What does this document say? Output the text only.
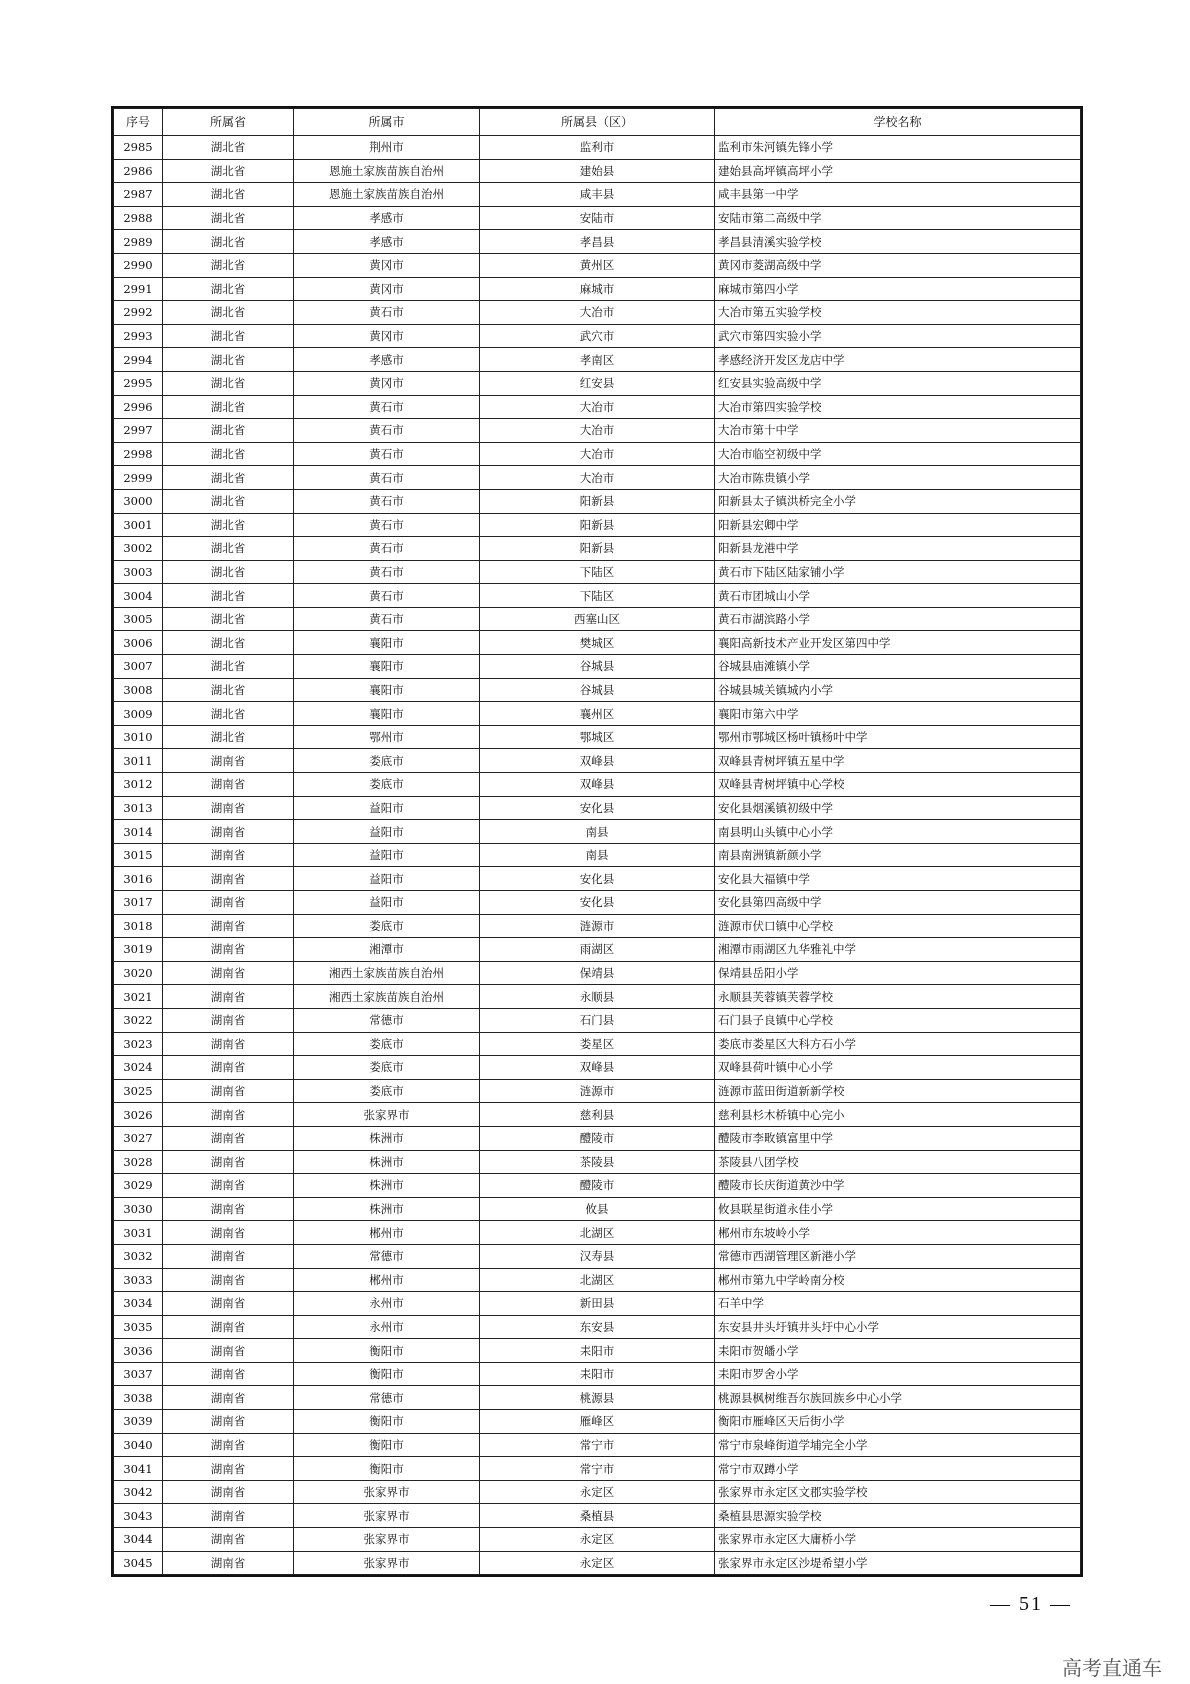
序号	所属省	所属市	所属县（区）	学校名称
2985	湖北省	荆州市	监利市	监利市朱河镇先锋小学
2986	湖北省	恩施土家族苗族自治州	建始县	建始县高坪镇高坪小学
2987	湖北省	恩施土家族苗族自治州	咸丰县	咸丰县第一中学
2988	湖北省	孝感市	安陆市	安陆市第二高级中学
2989	湖北省	孝感市	孝昌县	孝昌县清溪实验学校
2990	湖北省	黄冈市	黄州区	黄冈市菱湖高级中学
2991	湖北省	黄冈市	麻城市	麻城市第四小学
2992	湖北省	黄石市	大冶市	大冶市第五实验学校
2993	湖北省	黄冈市	武穴市	武穴市第四实验小学
2994	湖北省	孝感市	孝南区	孝感经济开发区龙店中学
2995	湖北省	黄冈市	红安县	红安县实验高级中学
2996	湖北省	黄石市	大冶市	大冶市第四实验学校
2997	湖北省	黄石市	大冶市	大冶市第十中学
2998	湖北省	黄石市	大冶市	大冶市临空初级中学
2999	湖北省	黄石市	大冶市	大冶市陈贵镇小学
3000	湖北省	黄石市	阳新县	阳新县太子镇洪桥完全小学
3001	湖北省	黄石市	阳新县	阳新县宏卿中学
3002	湖北省	黄石市	阳新县	阳新县龙港中学
3003	湖北省	黄石市	下陆区	黄石市下陆区陆家铺小学
3004	湖北省	黄石市	下陆区	黄石市团城山小学
3005	湖北省	黄石市	西塞山区	黄石市湖滨路小学
3006	湖北省	襄阳市	樊城区	襄阳高新技术产业开发区第四中学
3007	湖北省	襄阳市	谷城县	谷城县庙滩镇小学
3008	湖北省	襄阳市	谷城县	谷城县城关镇城内小学
3009	湖北省	襄阳市	襄州区	襄阳市第六中学
3010	湖北省	鄂州市	鄂城区	鄂州市鄂城区杨叶镇杨叶中学
3011	湖南省	娄底市	双峰县	双峰县青树坪镇五星中学
3012	湖南省	娄底市	双峰县	双峰县青树坪镇中心学校
3013	湖南省	益阳市	安化县	安化县烟溪镇初级中学
3014	湖南省	益阳市	南县	南县明山头镇中心小学
3015	湖南省	益阳市	南县	南县南洲镇新颜小学
3016	湖南省	益阳市	安化县	安化县大福镇中学
3017	湖南省	益阳市	安化县	安化县第四高级中学
3018	湖南省	娄底市	涟源市	涟源市伏口镇中心学校
3019	湖南省	湘潭市	雨湖区	湘潭市雨湖区九华雅礼中学
3020	湖南省	湘西土家族苗族自治州	保靖县	保靖县岳阳小学
3021	湖南省	湘西土家族苗族自治州	永顺县	永顺县芙蓉镇芙蓉学校
3022	湖南省	常德市	石门县	石门县子良镇中心学校
3023	湖南省	娄底市	娄星区	娄底市娄星区大科方石小学
3024	湖南省	娄底市	双峰县	双峰县荷叶镇中心小学
3025	湖南省	娄底市	涟源市	涟源市蓝田街道新新学校
3026	湖南省	张家界市	慈利县	慈利县杉木桥镇中心完小
3027	湖南省	株洲市	醴陵市	醴陵市李畋镇富里中学
3028	湖南省	株洲市	茶陵县	茶陵县八团学校
3029	湖南省	株洲市	醴陵市	醴陵市长庆街道黄沙中学
3030	湖南省	株洲市	攸县	攸县联星街道永佳小学
3031	湖南省	郴州市	北湖区	郴州市东坡岭小学
3032	湖南省	常德市	汉寿县	常德市西湖管理区新港小学
3033	湖南省	郴州市	北湖区	郴州市第九中学岭南分校
3034	湖南省	永州市	新田县	石羊中学
3035	湖南省	永州市	东安县	东安县井头圩镇井头圩中心小学
3036	湖南省	衡阳市	耒阳市	耒阳市贺皤小学
3037	湖南省	衡阳市	耒阳市	耒阳市罗舍小学
3038	湖南省	常德市	桃源县	桃源县枫树维吾尔族回族乡中心小学
3039	湖南省	衡阳市	雁峰区	衡阳市雁峰区天后街小学
3040	湖南省	衡阳市	常宁市	常宁市泉峰街道学埔完全小学
3041	湖南省	衡阳市	常宁市	常宁市双蹲小学
3042	湖南省	张家界市	永定区	张家界市永定区文郡实验学校
3043	湖南省	张家界市	桑植县	桑植县思源实验学校
3044	湖南省	张家界市	永定区	张家界市永定区大庸桥小学
3045	湖南省	张家界市	永定区	张家界市永定区沙堤希望小学
— 51 —
高考直通车
